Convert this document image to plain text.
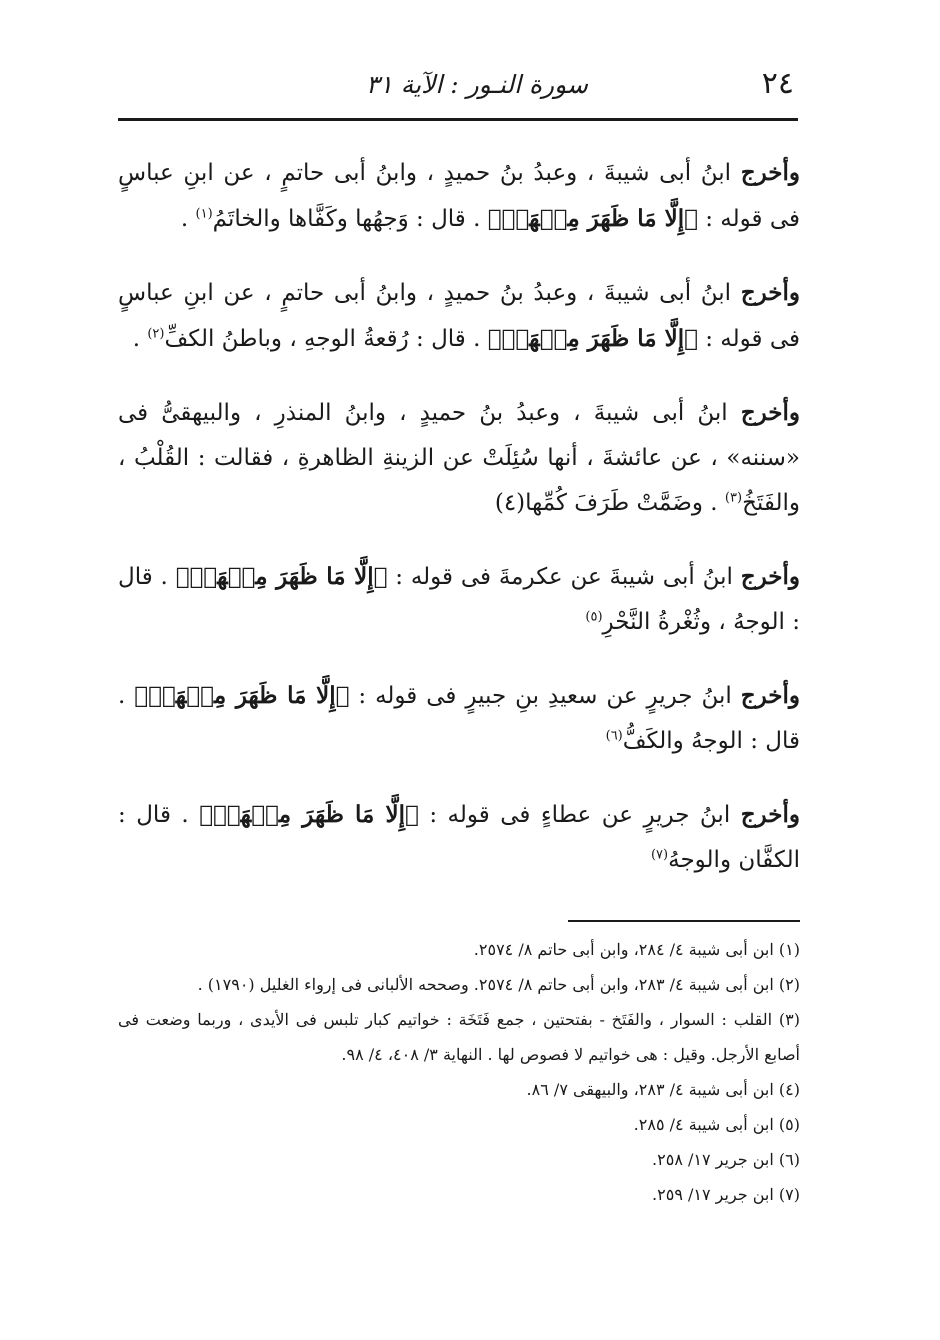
٢٤
سورة النـور : الآية ٣١

وأخرج ابنُ أبى شيبةَ ، وعبدُ بنُ حميدٍ ، وابنُ أبى حاتمٍ ، عن ابنِ عباسٍ فى قوله : ﴿إِلَّا مَا ظَهَرَ مِنۡهَاۖ﴾ . قال : وَجهُها وكَفَّاها والخاتَمُ$^{(١)}$ .

وأخرج ابنُ أبى شيبةَ ، وعبدُ بنُ حميدٍ ، وابنُ أبى حاتمٍ ، عن ابنِ عباسٍ فى قوله : ﴿إِلَّا مَا ظَهَرَ مِنۡهَاۖ﴾ . قال : رُقعةُ الوجهِ ، وباطنُ الكفِّ$^{(٢)}$ .

وأخرج ابنُ أبى شيبةَ ، وعبدُ بنُ حميدٍ ، وابنُ المنذرِ ، والبيهقىُّ فى «سننه» ، عن عائشةَ ، أنها سُئِلَتْ عن الزينةِ الظاهرةِ ، فقالت : القُلْبُ ، والفَتَخُ$^{(٣)}$ . وضَمَّتْ طَرَفَ كُمِّها(٤)

وأخرج ابنُ أبى شيبةَ عن عكرمةَ فى قوله : ﴿إِلَّا مَا ظَهَرَ مِنۡهَاۖ﴾ . قال : الوجهُ ، وثُغْرةُ النَّحْرِ$^{(٥)}$

وأخرج ابنُ جريرٍ عن سعيدِ بنِ جبيرٍ فى قوله : ﴿إِلَّا مَا ظَهَرَ مِنۡهَاۖ﴾ . قال : الوجهُ والكَفُّ$^{(٦)}$

وأخرج ابنُ جريرٍ عن عطاءٍ فى قوله : ﴿إِلَّا مَا ظَهَرَ مِنۡهَاۖ﴾ . قال : الكفَّان والوجهُ$^{(٧)}$

(١) ابن أبى شيبة ٤/ ٢٨٤، وابن أبى حاتم ٨/ ٢٥٧٤.

(٢) ابن أبى شيبة ٤/ ٢٨٣، وابن أبى حاتم ٨/ ٢٥٧٤. وصححه الألبانى فى إرواء الغليل (١٧٩٠) .

(٣) القلب : السوار ، والفَتَخ - بفتحتين ، جمع فَتَخَة : خواتيم كبار تلبس فى الأيدى ، وربما وضعت فى أصابع الأرجل. وقيل : هى خواتيم لا فصوص لها . النهاية ٣/ ٤٠٨، ٤/ ٩٨.

(٤) ابن أبى شيبة ٤/ ٢٨٣، والبيهقى ٧/ ٨٦.

(٥) ابن أبى شيبة ٤/ ٢٨٥.

(٦) ابن جرير ١٧/ ٢٥٨.

(٧) ابن جرير ١٧/ ٢٥٩.
